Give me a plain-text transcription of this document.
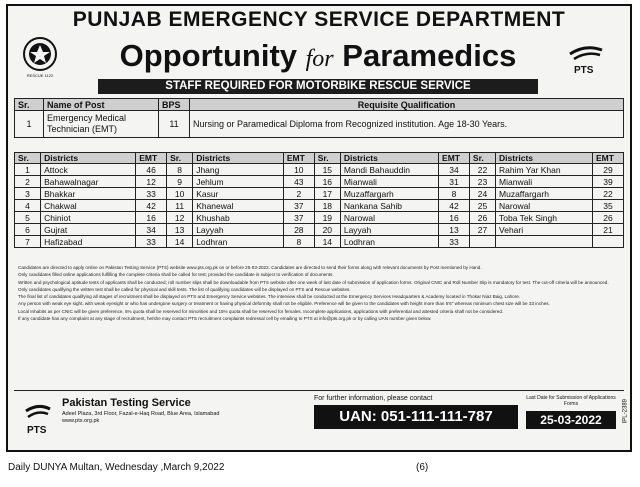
PUNJAB EMERGENCY SERVICE DEPARTMENT
RESCUE 1122
Opportunity for Paramedics	PTS
STAFF REQUIRED FOR MOTORBIKE RESCUE SERVICE
Sr.	Name of Post	BPS	Requisite Qualification
1	Emergency Medical Technician (EMT)	11	Nursing or Paramedical Diploma from Recognized institution. Age 18-30 Years.
Sr.	Districts	EMT	Sr.	Districts	EMT	Sr.	Districts	EMT	Sr.	Districts	EMT
1	Attock	46	8	Jhang	10	15	Mandi Bahauddin	34	22	Rahim Yar Khan	29
2	Bahawalnagar	12	9	Jehlum	43	16	Mianwali	31	23	Mianwali	39
3	Bhakkar	33	10	Kasur	2	17	Muzaffargarh	8	24	Muzaffargarh	22
4	Chakwal	42	11	Khanewal	37	18	Nankana Sahib	42	25	Narowal	35
5	Chiniot	16	12	Khushab	37	19	Narowal	16	26	Toba Tek Singh	26
6	Gujrat	34	13	Layyah	28	20	Layyah	13	27	Vehari	21
7	Hafizabad	33	14	Lodhran	8	14	Lodhran	33			

Candidates are directed to apply online on Pakistan Testing Service (PTS) website www.pts.org.pk on or before 25-03-2022. Candidates are directed to send their forms along with relevant documents by Post mentioned by Hand.

Only candidates filled online applications fulfilling the complete criteria shall be called for test; provided the candidate is subject to verification of documents.

Written and psychological aptitude tests of applicants shall be conducted; roll number slips shall be downloadable from PTS website after one week of last date of submission of application forms. Original CNIC and Roll Number Slip is mandatory for test. The cut-off criteria will be announced.

Only candidates qualifying the written test shall be called for physical and skill tests. The list of qualifying candidates will be displayed on PTS and Rescue websites.

The final list of candidates qualifying all stages of recruitment shall be displayed on PTS and Emergency Service websites. The interview shall be conducted at the Emergency Services Headquarters & Academy located in Thokar Niaz Baig, Lahore.

Any person with weak eye sight, with weak eyesight or who has undergone surgery or treatment or having physical deformity shall not be eligible. Preference will be given to the candidates with height more than 5'6" whereas minimum chest size will be 33 inches.

Local Inhabits as per CNIC will be given preference. 5% quota shall be reserved for minorities and 15% quota shall be reserved for females. Incomplete applications, applications with preferential and attested criteria shall not be considered.

If any candidate has any complaint at any stage of recruitment, he/she may contact PTS recruitment complaints redressal cell by emailing to PTS at info@pts.org.pk or by calling UAN number given below.

PTS
Pakistan Testing Service
Adeel Plaza, 3rd Floor, Fazal-e-Haq Road, Blue Area, Islamabad
www.pts.org.pk
For further information, please contact
UAN: 051-111-111-787
Last Date for Submission of Applications Forms
25-03-2022	IPL-2389
Daily DUNYA Multan, Wednesday ,March 9,2022	(6)
